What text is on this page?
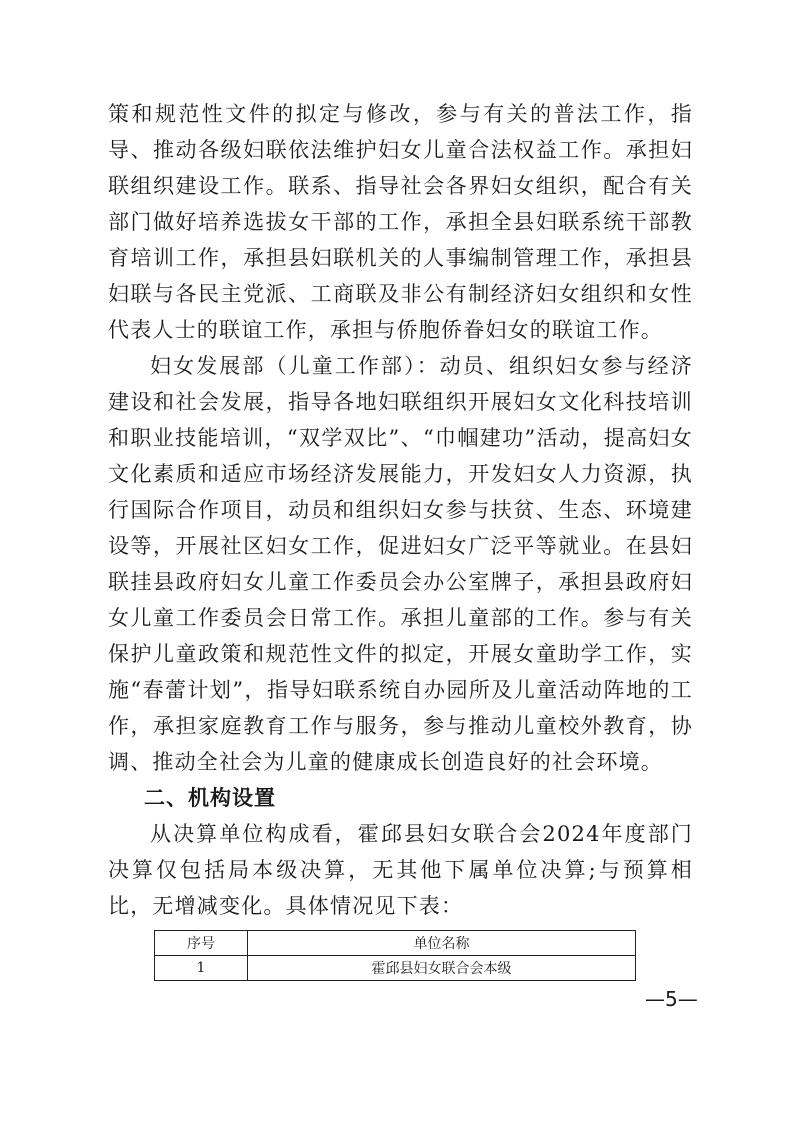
策和规范性文件的拟定与修改，参与有关的普法工作，指导、推动各级妇联依法维护妇女儿童合法权益工作。承担妇联组织建设工作。联系、指导社会各界妇女组织，配合有关部门做好培养选拔女干部的工作，承担全县妇联系统干部教育培训工作，承担县妇联机关的人事编制管理工作，承担县妇联与各民主党派、工商联及非公有制经济妇女组织和女性代表人士的联谊工作，承担与侨胞侨眷妇女的联谊工作。

妇女发展部（儿童工作部）：动员、组织妇女参与经济建设和社会发展，指导各地妇联组织开展妇女文化科技培训和职业技能培训，“双学双比”、“巾帼建功”活动，提高妇女文化素质和适应市场经济发展能力，开发妇女人力资源，执行国际合作项目，动员和组织妇女参与扶贫、生态、环境建设等，开展社区妇女工作，促进妇女广泛平等就业。在县妇联挂县政府妇女儿童工作委员会办公室牌子，承担县政府妇女儿童工作委员会日常工作。承担儿童部的工作。参与有关保护儿童政策和规范性文件的拟定，开展女童助学工作，实施“春蕾计划”，指导妇联系统自办园所及儿童活动阵地的工作，承担家庭教育工作与服务，参与推动儿童校外教育，协调、推动全社会为儿童的健康成长创造良好的社会环境。

二、机构设置

从决算单位构成看，霍邱县妇女联合会2024年度部门决算仅包括局本级决算，无其他下属单位决算;与预算相比，无增减变化。具体情况见下表：

序号	单位名称
1	霍邱县妇女联合会本级
—5—
